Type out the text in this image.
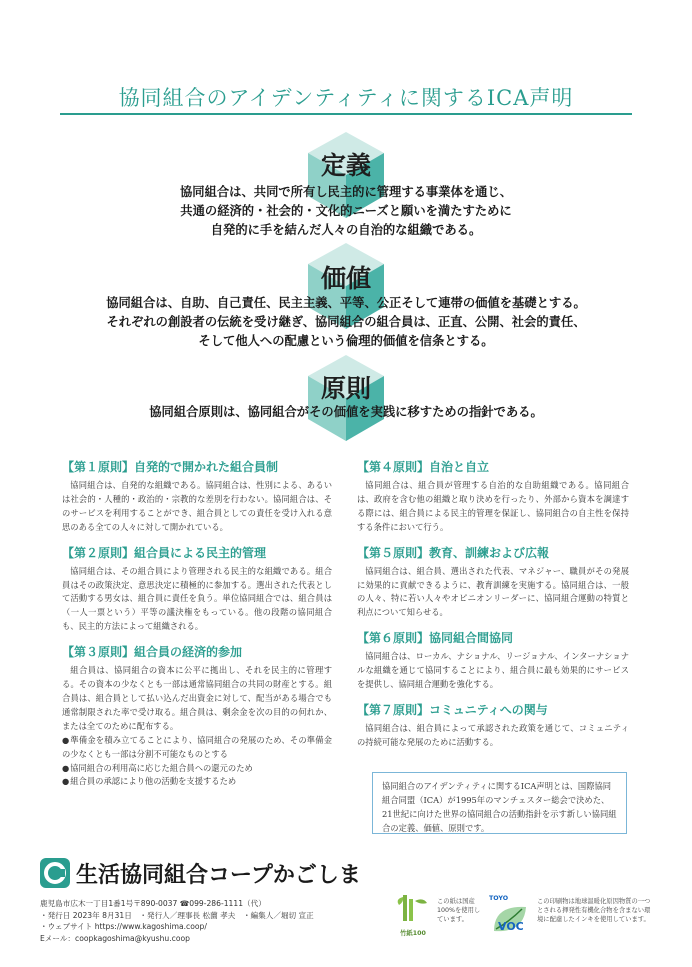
協同組合のアイデンティティに関するICA声明
定義
協同組合は、共同で所有し民主的に管理する事業体を通じ、
共通の経済的・社会的・文化的ニーズと願いを満たすために
自発的に手を結んだ人々の自治的な組織である。
価値
協同組合は、自助、自己責任、民主主義、平等、公正そして連帯の価値を基礎とする。
それぞれの創設者の伝統を受け継ぎ、協同組合の組合員は、正直、公開、社会的責任、
そして他人への配慮という倫理的価値を信条とする。
原則
協同組合原則は、協同組合がその価値を実践に移すための指針である。
【第１原則】自発的で開かれた組合員制

協同組合は、自発的な組織である。協同組合は、性別による、あるいは社会的・人種的・政治的・宗教的な差別を行わない。協同組合は、そのサービスを利用することができ、組合員としての責任を受け入れる意思のある全ての人々に対して開かれている。

【第２原則】組合員による民主的管理

協同組合は、その組合員により管理される民主的な組織である。組合員はその政策決定、意思決定に積極的に参加する。選出された代表として活動する男女は、組合員に責任を負う。単位協同組合では、組合員は（一人一票という）平等の議決権をもっている。他の段階の協同組合も、民主的方法によって組織される。

【第３原則】組合員の経済的参加

組合員は、協同組合の資本に公平に拠出し、それを民主的に管理する。その資本の少なくとも一部は通常協同組合の共同の財産とする。組合員は、組合員として払い込んだ出資金に対して、配当がある場合でも通常制限された率で受け取る。組合員は、剰余金を次の目的の何れか、または全てのために配布する。

● 準備金を積み立てることにより、協同組合の発展のため、その準備金の少なくとも一部は分割不可能なものとする
● 協同組合の利用高に応じた組合員への還元のため
● 組合員の承認により他の活動を支援するため
【第４原則】自治と自立

協同組合は、組合員が管理する自治的な自助組織である。協同組合は、政府を含む他の組織と取り決めを行ったり、外部から資本を調達する際には、組合員による民主的管理を保証し、協同組合の自主性を保持する条件において行う。

【第５原則】教育、訓練および広報

協同組合は、組合員、選出された代表、マネジャー、職員がその発展に効果的に貢献できるように、教育訓練を実施する。協同組合は、一般の人々、特に若い人々やオピニオンリーダーに、協同組合運動の特質と利点について知らせる。

【第６原則】協同組合間協同

協同組合は、ローカル、ナショナル、リージョナル、インターナショナルな組織を通じて協同することにより、組合員に最も効果的にサービスを提供し、協同組合運動を強化する。

【第７原則】コミュニティへの関与

協同組合は、組合員によって承認された政策を通じて、コミュニティの持続可能な発展のために活動する。

協同組合のアイデンティティに関するICA声明とは、国際協同組合同盟（ICA）が1995年のマンチェスター総会で決めた、21世紀に向けた世界の協同組合の活動指針を示す新しい協同組合の定義、価値、原則です。
生活協同組合コープかごしま
鹿児島市広木一丁目1番1号〒890-0037 ☎099-286-1111（代）
・発行日 2023年 8月31日　・発行人／理事長 松薗 孝夫　・編集人／堀切 宣正
・ウェブサイト https://www.kagoshima.coop/
Eメール：coopkagoshima@kyushu.coop	竹紙100
この紙は国産100%を使用しています。
TOYO
VOC
この印刷物は地球温暖化原因物質の一つとされる揮発性有機化合物を含まない環境に配慮したインキを使用しています。
